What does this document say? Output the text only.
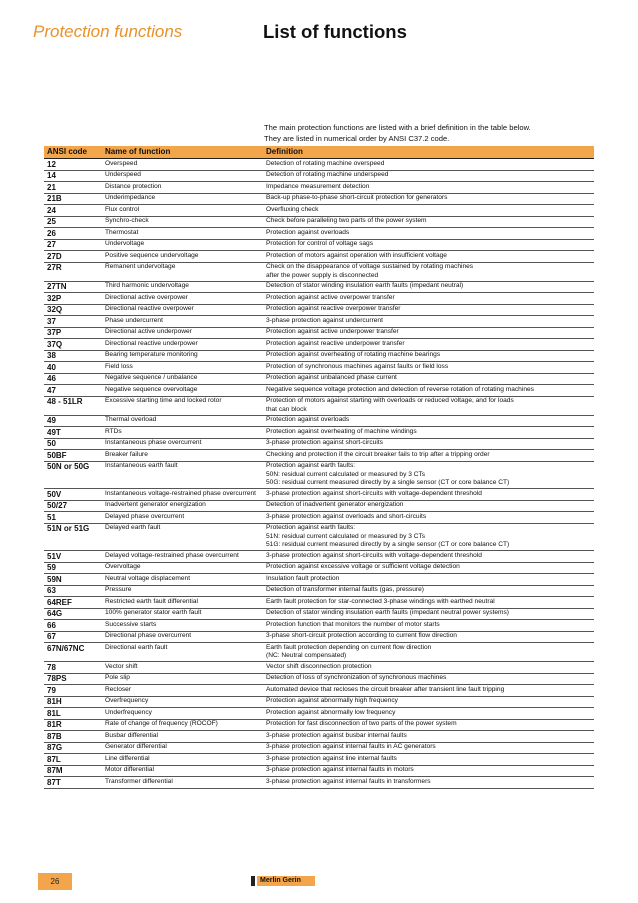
Protection functions	List of functions

The main protection functions are listed with a brief definition in the table below.

They are listed in numerical order by ANSI C37.2 code.

ANSI code	Name of function	Definition
12	Overspeed	Detection of rotating machine overspeed
14	Underspeed	Detection of rotating machine underspeed
21	Distance protection	Impedance measurement detection
21B	Underimpedance	Back-up phase-to-phase short-circuit protection for generators
24	Flux control	Overfluxing check
25	Synchro-check	Check before paralleling two parts of the power system
26	Thermostat	Protection against overloads
27	Undervoltage	Protection for control of voltage sags
27D	Positive sequence undervoltage	Protection of motors against operation with insufficient voltage
27R	Remanent undervoltage	Check on the disappearance of voltage sustained by rotating machines
after the power supply is disconnected
27TN	Third harmonic undervoltage	Detection of stator winding insulation earth faults (impedant neutral)
32P	Directional active overpower	Protection against active overpower transfer
32Q	Directional reactive overpower	Protection against reactive overpower transfer
37	Phase undercurrent	3-phase protection against undercurrent
37P	Directional active underpower	Protection against active underpower transfer
37Q	Directional reactive underpower	Protection against reactive underpower transfer
38	Bearing temperature monitoring	Protection against overheating of rotating machine bearings
40	Field loss	Protection of synchronous machines against faults or field loss
46	Negative sequence / unbalance	Protection against unbalanced phase current
47	Negative sequence overvoltage	Negative sequence voltage protection and detection of reverse rotation of rotating machines
48 - 51LR	Excessive starting time and locked rotor	Protection of motors against starting with overloads or reduced voltage, and for loads
that can block
49	Thermal overload	Protection against overloads
49T	RTDs	Protection against overheating of machine windings
50	Instantaneous phase overcurrent	3-phase protection against short-circuits
50BF	Breaker failure	Checking and protection if the circuit breaker fails to trip after a tripping order
50N or 50G	Instantaneous earth fault	Protection against earth faults:
50N: residual current calculated or measured by 3 CTs
50G: residual current measured directly by a single sensor (CT or core balance CT)
50V	Instantaneous voltage-restrained phase overcurrent	3-phase protection against short-circuits with voltage-dependent threshold
50/27	Inadvertent generator energization	Detection of inadvertent generator energization
51	Delayed phase overcurrent	3-phase protection against overloads and short-circuits
51N or 51G	Delayed earth fault	Protection against earth faults:
51N: residual current calculated or measured by 3 CTs
51G: residual current measured directly by a single sensor (CT or core balance CT)
51V	Delayed voltage-restrained phase overcurrent	3-phase protection against short-circuits with voltage-dependent threshold
59	Overvoltage	Protection against excessive voltage or sufficient voltage detection
59N	Neutral voltage displacement	Insulation fault protection
63	Pressure	Detection of transformer internal faults (gas, pressure)
64REF	Restricted earth fault differential	Earth fault protection for star-connected 3-phase windings with earthed neutral
64G	100% generator stator earth fault	Detection of stator winding insulation earth faults (impedant neutral power systems)
66	Successive starts	Protection function that monitors the number of motor starts
67	Directional phase overcurrent	3-phase short-circuit protection according to current flow direction
67N/67NC	Directional earth fault	Earth fault protection depending on current flow direction
(NC: Neutral compensated)
78	Vector shift	Vector shift disconnection protection
78PS	Pole slip	Detection of loss of synchronization of synchronous machines
79	Recloser	Automated device that recloses the circuit breaker after transient line fault tripping
81H	Overfrequency	Protection against abnormally high frequency
81L	Underfrequency	Protection against abnormally low frequency
81R	Rate of change of frequency (ROCOF)	Protection for fast disconnection of two parts of the power system
87B	Busbar differential	3-phase protection against busbar internal faults
87G	Generator differential	3-phase protection against internal faults in AC generators
87L	Line differential	3-phase protection against line internal faults
87M	Motor differential	3-phase protection against internal faults in motors
87T	Transformer differential	3-phase protection against internal faults in transformers
26	Merlin Gerin
